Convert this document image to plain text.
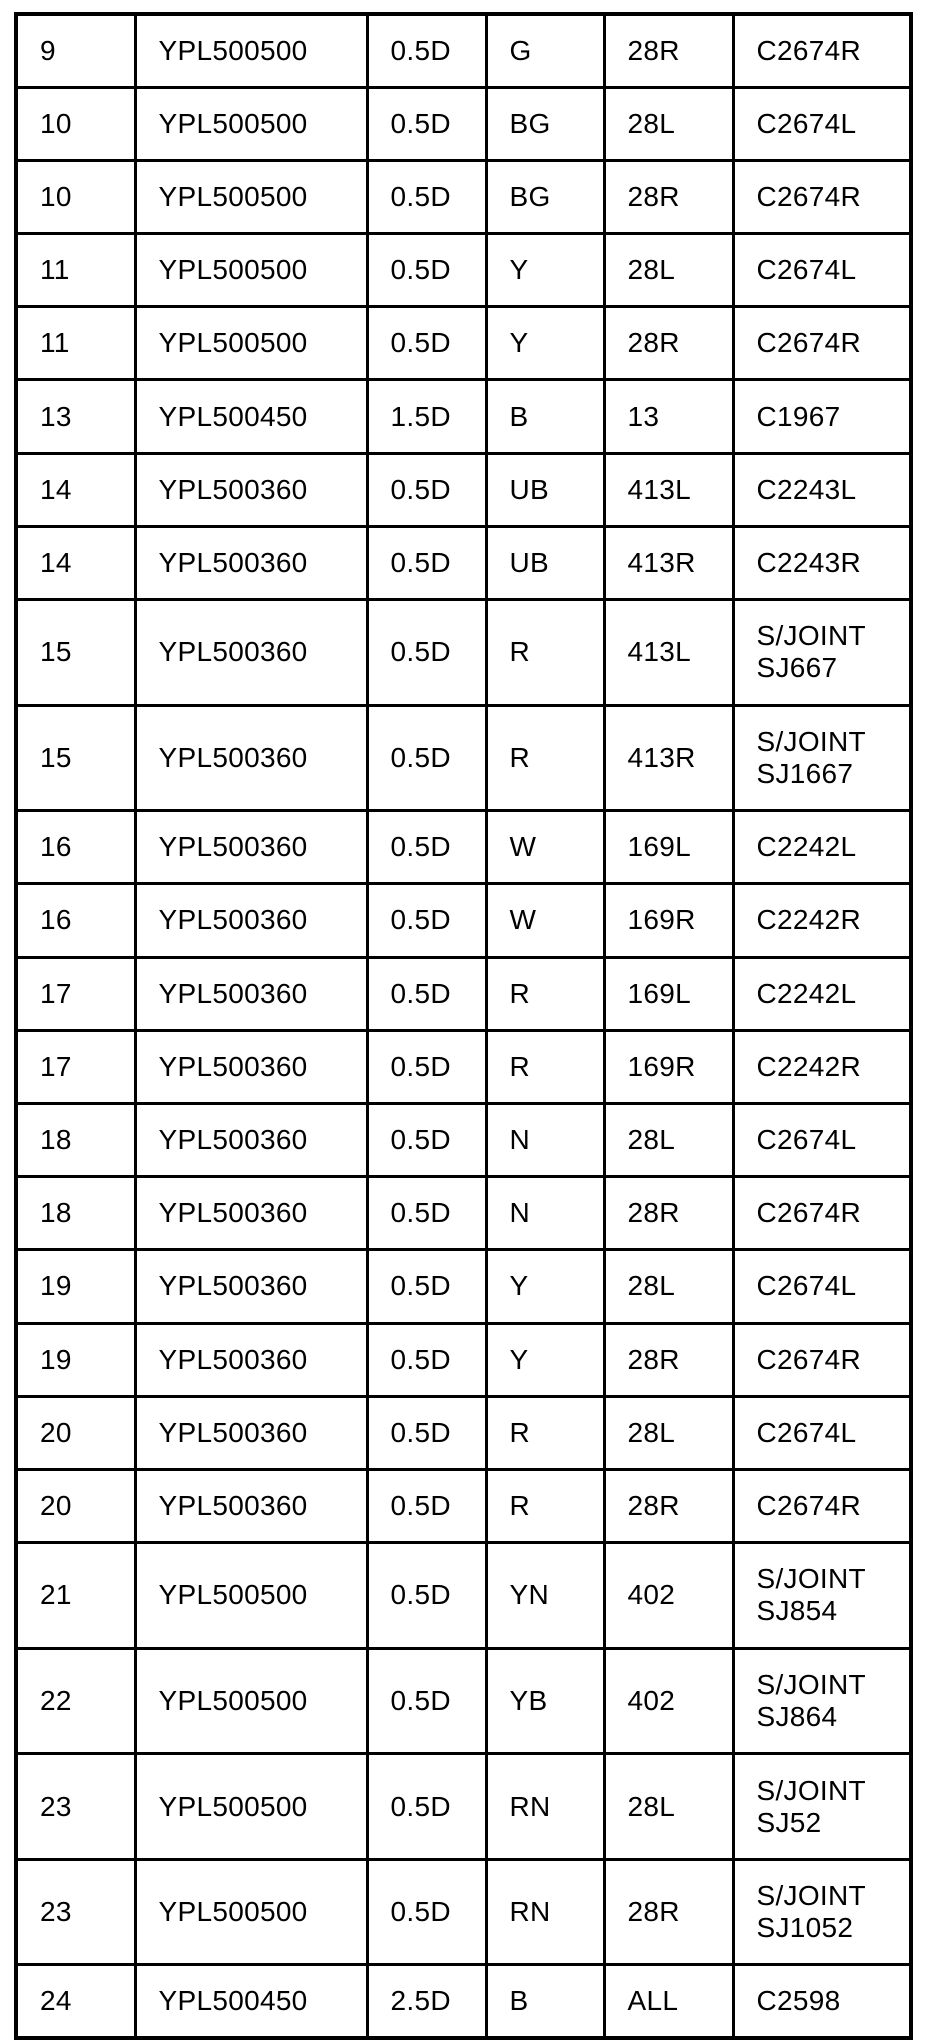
9	YPL500500	0.5D	G	28R	C2674R
10	YPL500500	0.5D	BG	28L	C2674L
10	YPL500500	0.5D	BG	28R	C2674R
11	YPL500500	0.5D	Y	28L	C2674L
11	YPL500500	0.5D	Y	28R	C2674R
13	YPL500450	1.5D	B	13	C1967
14	YPL500360	0.5D	UB	413L	C2243L
14	YPL500360	0.5D	UB	413R	C2243R
15	YPL500360	0.5D	R	413L	S/JOINT
SJ667
15	YPL500360	0.5D	R	413R	S/JOINT
SJ1667
16	YPL500360	0.5D	W	169L	C2242L
16	YPL500360	0.5D	W	169R	C2242R
17	YPL500360	0.5D	R	169L	C2242L
17	YPL500360	0.5D	R	169R	C2242R
18	YPL500360	0.5D	N	28L	C2674L
18	YPL500360	0.5D	N	28R	C2674R
19	YPL500360	0.5D	Y	28L	C2674L
19	YPL500360	0.5D	Y	28R	C2674R
20	YPL500360	0.5D	R	28L	C2674L
20	YPL500360	0.5D	R	28R	C2674R
21	YPL500500	0.5D	YN	402	S/JOINT
SJ854
22	YPL500500	0.5D	YB	402	S/JOINT
SJ864
23	YPL500500	0.5D	RN	28L	S/JOINT
SJ52
23	YPL500500	0.5D	RN	28R	S/JOINT
SJ1052
24	YPL500450	2.5D	B	ALL	C2598
